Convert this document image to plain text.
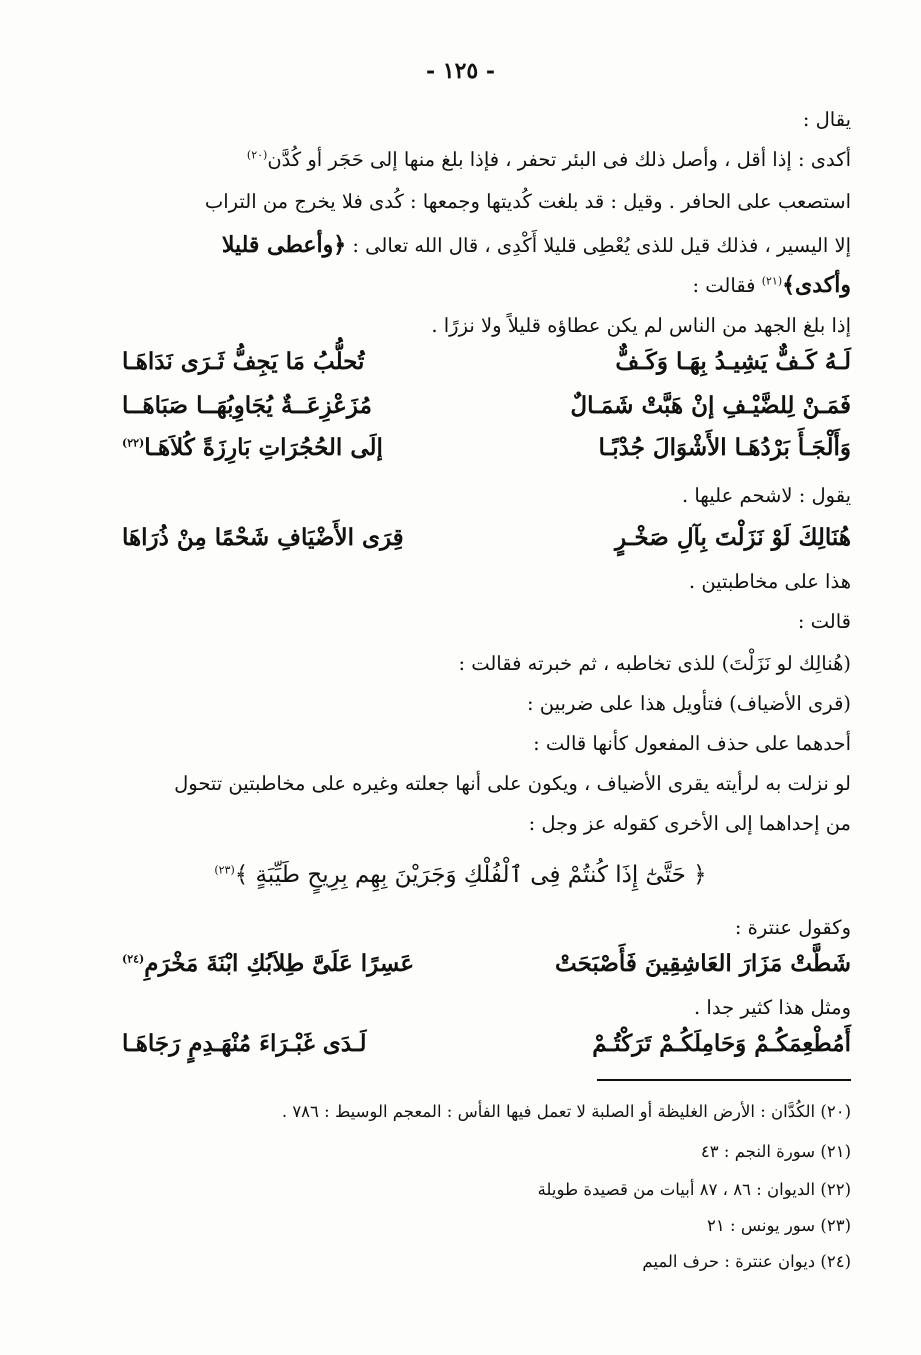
- ١٢٥ -
يقال :
أكدى : إذا أقل ، وأصل ذلك فى البئر تحفر ، فإذا بلغ منها إلى حَجَر أو كُدَّن$^{(٢٠)}$
استصعب على الحافر . وقيل : قد بلغت كُديتها وجمعها : كُدى فلا يخرج من التراب
إلا اليسير ، فذلك قيل للذى يُعْطِى قليلا أَكْدِى ، قال الله تعالى : ﴿وأعطى قليلا
وأكدى﴾$^{(٢١)}$ فقالت :
إذا بلغ الجهد من الناس لم يكن عطاؤه قليلاً ولا نزرًا .
لَـهُ كَـفٌّ يَشِيـدُ بِهَـا وَكَـفٌّ
تُحلُّبُ مَا يَجِفُّ ثَـرَى نَدَاهَـا
فَمَـنْ لِلضَّيْـفِ إنْ هَبَّتْ شَمَـالٌ
مُزَعْزِعَــةٌ يُجَاوِبُهَــا صَبَاهَــا
وَأَلْجَـأَ بَرْدُهَـا الأَشْوَالَ جُدْبًـا
إلَى الحُجُرَاتِ بَارِزَةً كُلاَهَـا$^{(٢٢)}$
يقول : لاشحم عليها .
هُنَالِكَ لَوْ نَزَلْتَ بِآلِ صَخْـرٍ
قِرَى الأَضْيَافِ شَحْمًا مِنْ ذُرَاهَا
هذا على مخاطبتين .
قالت :
(هُنالِك لو نَزَلْتَ) للذى تخاطبه ، ثم خبرته فقالت :
(قرى الأضياف) فتأويل هذا على ضربين :
أحدهما على حذف المفعول كأنها قالت :
لو نزلت به لرأيته يقرى الأضياف ، ويكون على أنها جعلته وغيره على مخاطبتين تتحول
من إحداهما إلى الأخرى كقوله عز وجل :
﴿ حَتَّىٰٓ إِذَا كُنتُمْ فِى ٱلْفُلْكِ وَجَرَيْنَ بِهِم بِرِيحٍ طَيِّبَةٍ ﴾$^{(٢٣)}$
وكقول عنترة :
شَطَّتْ مَزَارَ العَاشِقِينَ فَأَصْبَحَتْ
عَسِرًا عَلَىَّ طِلاَبُكِ ابْنَةَ مَخْرَمِ$^{(٢٤)}$
ومثل هذا كثير جدا .
أَمُطْعِمَكُـمْ وَحَامِلَكُـمْ تَرَكْتُـمْ
لَـدَى غَبْـرَاءَ مُنْهَـدِمٍ رَجَاهَـا
(٢٠) الكُدَّان : الأرض الغليظة أو الصلبة لا تعمل فيها الفأس : المعجم الوسيط : ٧٨٦ .
(٢١) سورة النجم : ٤٣
(٢٢) الديوان : ٨٦ ، ٨٧ أبيات من قصيدة طويلة
(٢٣) سور يونس : ٢١
(٢٤) ديوان عنترة : حرف الميم
